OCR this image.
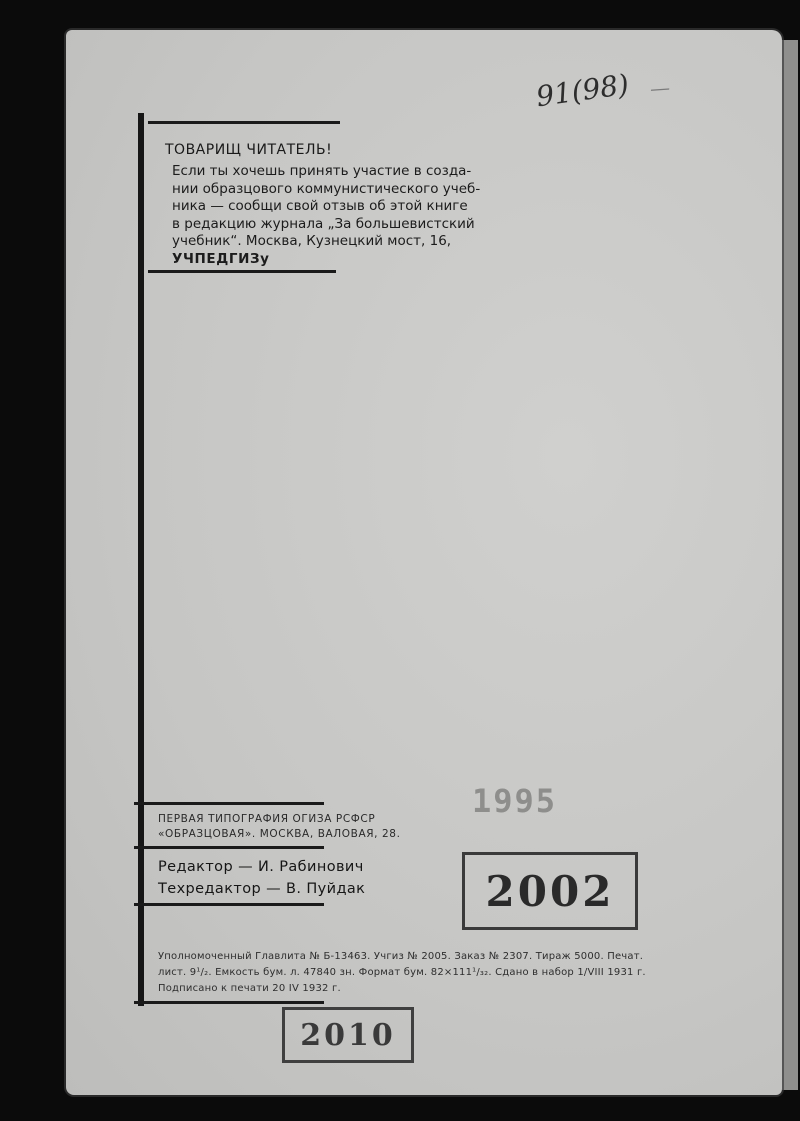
91(98) —
ТОВАРИЩ ЧИТАТЕЛЬ!
Если ты хочешь принять участие в созда-
нии образцового коммунистического учеб-
ника — сообщи свой отзыв об этой книге
в редакцию журнала „За большевистский
учебник“. Москва, Кузнецкий мост, 16,
УЧПЕДГИЗу
ПЕРВАЯ ТИПОГРАФИЯ ОГИЗА РСФСР
«ОБРАЗЦОВАЯ». МОСКВА, ВАЛОВАЯ, 28.
Редактор — И. Рабинович
Техредактор — В. Пуйдак
1995
2002
Уполномоченный Главлита № Б-13463. Учгиз № 2005. Заказ № 2307. Тираж 5000. Печат.
лист. 9¹/₂. Емкость бум. л. 47840 зн. Формат бум. 82×111¹/₃₂. Сдано в набор 1/VIII 1931 г.
Подписано к печати 20 IV 1932 г.
2010
